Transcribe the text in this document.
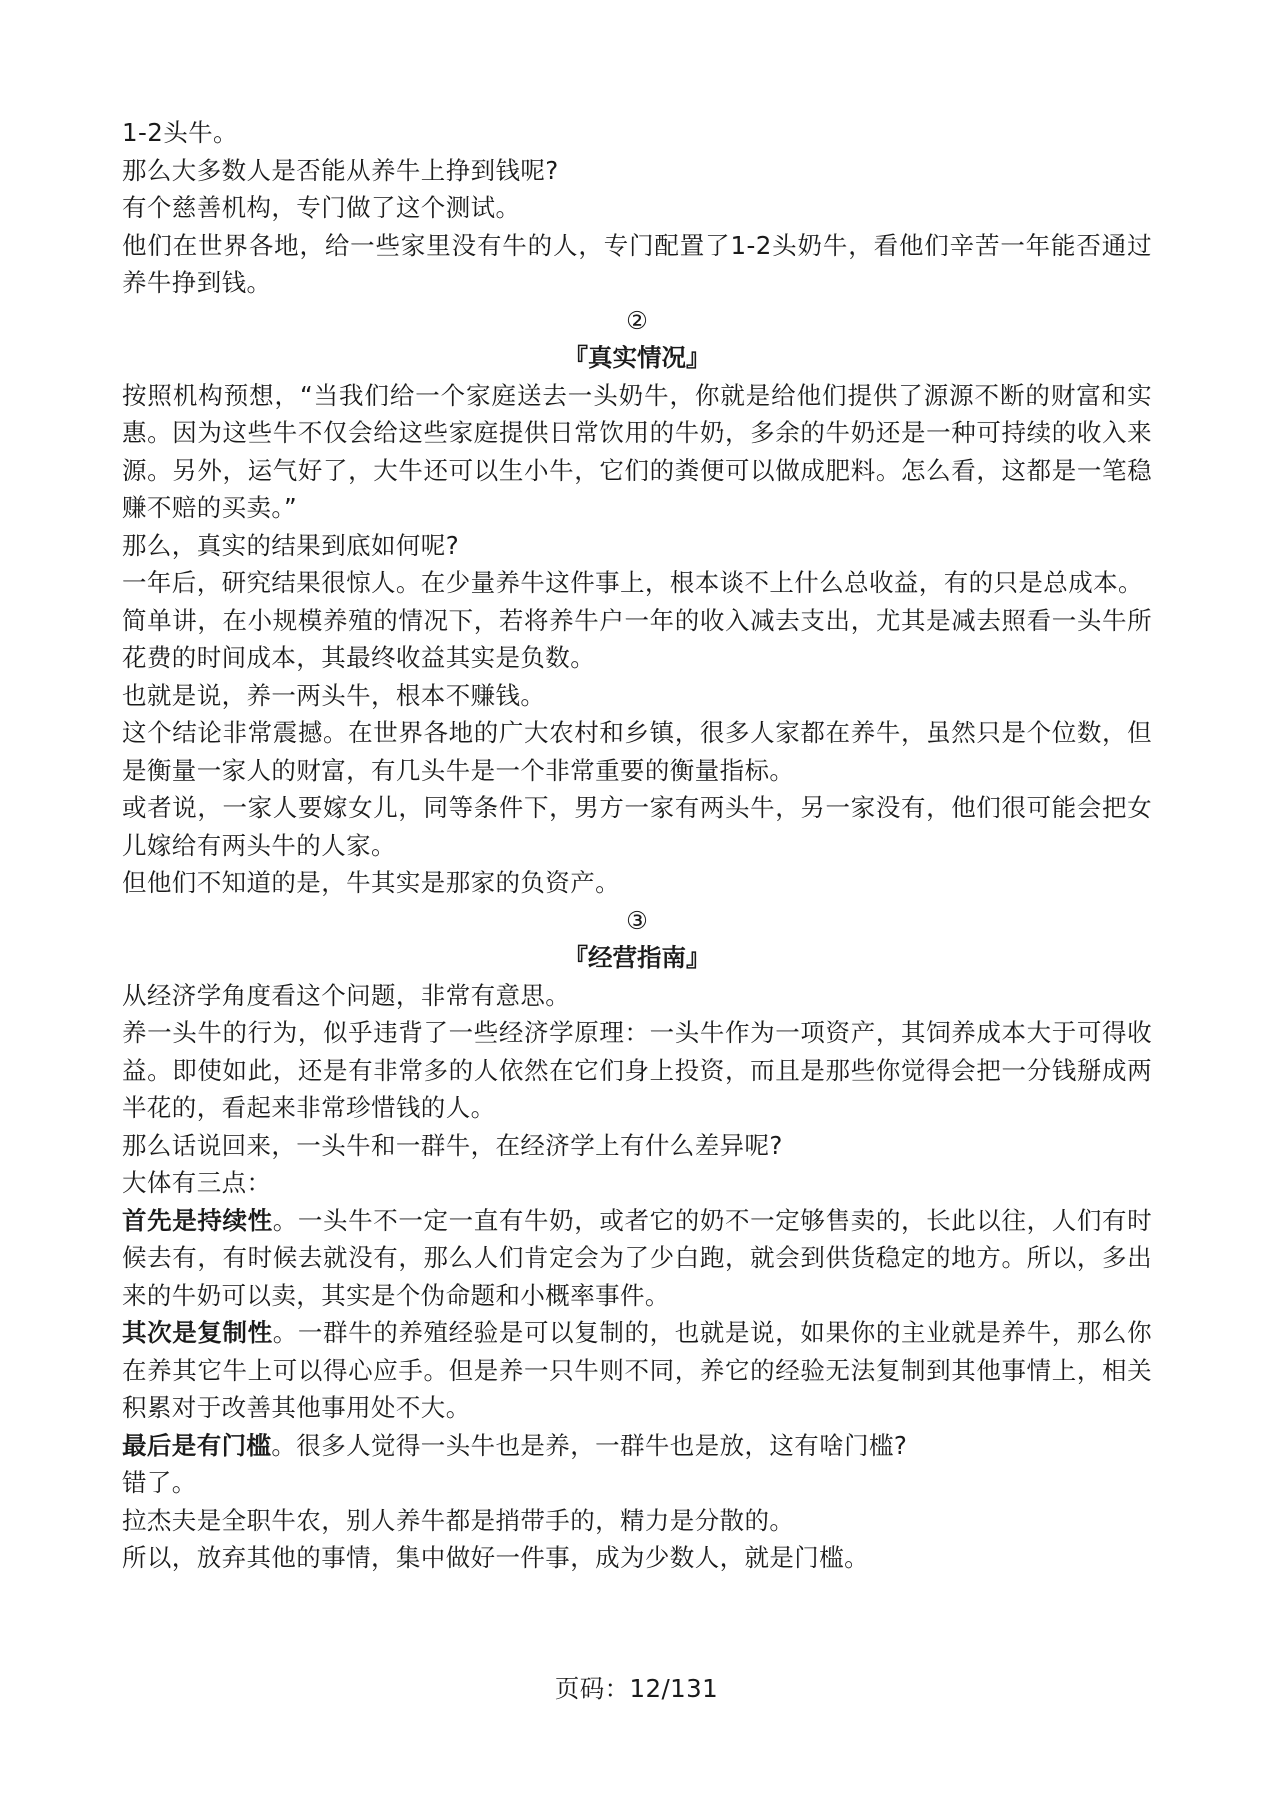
1-2头牛。

那么大多数人是否能从养牛上挣到钱呢?

有个慈善机构，专门做了这个测试。

他们在世界各地，给一些家里没有牛的人，专门配置了1-2头奶牛，看他们辛苦一年能否通过养牛挣到钱。

②

『真实情况』

按照机构预想，“当我们给一个家庭送去一头奶牛，你就是给他们提供了源源不断的财富和实惠。因为这些牛不仅会给这些家庭提供日常饮用的牛奶，多余的牛奶还是一种可持续的收入来源。另外，运气好了，大牛还可以生小牛，它们的粪便可以做成肥料。怎么看，这都是一笔稳赚不赔的买卖。”

那么，真实的结果到底如何呢?

一年后，研究结果很惊人。在少量养牛这件事上，根本谈不上什么总收益，有的只是总成本。

简单讲，在小规模养殖的情况下，若将养牛户一年的收入减去支出，尤其是减去照看一头牛所花费的时间成本，其最终收益其实是负数。

也就是说，养一两头牛，根本不赚钱。

这个结论非常震撼。在世界各地的广大农村和乡镇，很多人家都在养牛，虽然只是个位数，但是衡量一家人的财富，有几头牛是一个非常重要的衡量指标。

或者说，一家人要嫁女儿，同等条件下，男方一家有两头牛，另一家没有，他们很可能会把女儿嫁给有两头牛的人家。

但他们不知道的是，牛其实是那家的负资产。

③

『经营指南』

从经济学角度看这个问题，非常有意思。

养一头牛的行为，似乎违背了一些经济学原理：一头牛作为一项资产，其饲养成本大于可得收益。即使如此，还是有非常多的人依然在它们身上投资，而且是那些你觉得会把一分钱掰成两半花的，看起来非常珍惜钱的人。

那么话说回来，一头牛和一群牛，在经济学上有什么差异呢?

大体有三点：

首先是持续性。一头牛不一定一直有牛奶，或者它的奶不一定够售卖的，长此以往，人们有时候去有，有时候去就没有，那么人们肯定会为了少白跑，就会到供货稳定的地方。所以，多出来的牛奶可以卖，其实是个伪命题和小概率事件。

其次是复制性。一群牛的养殖经验是可以复制的，也就是说，如果你的主业就是养牛，那么你在养其它牛上可以得心应手。但是养一只牛则不同，养它的经验无法复制到其他事情上，相关积累对于改善其他事用处不大。

最后是有门槛。很多人觉得一头牛也是养，一群牛也是放，这有啥门槛?

错了。

拉杰夫是全职牛农，别人养牛都是捎带手的，精力是分散的。

所以，放弃其他的事情，集中做好一件事，成为少数人，就是门槛。

页码：12/131
